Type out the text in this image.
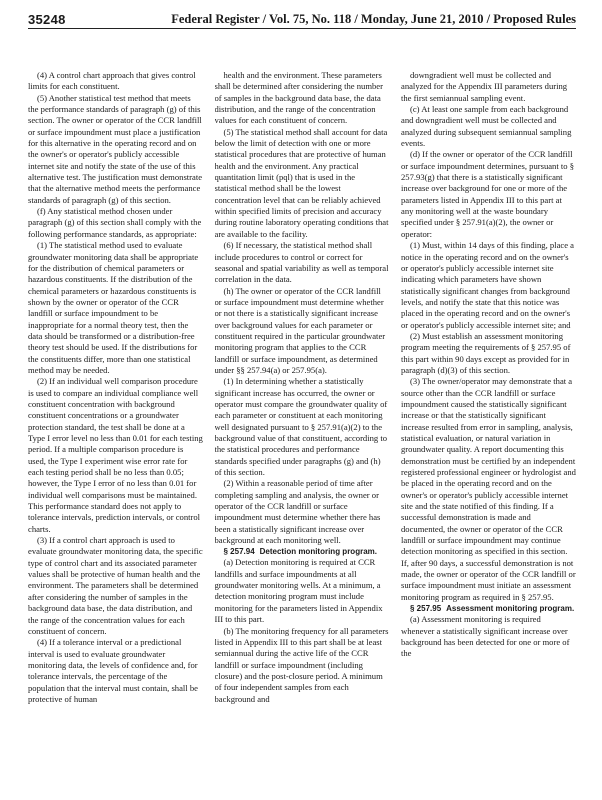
35248	Federal Register / Vol. 75, No. 118 / Monday, June 21, 2010 / Proposed Rules

(4) A control chart approach that gives control limits for each constituent.

(5) Another statistical test method that meets the performance standards of paragraph (g) of this section. The owner or operator of the CCR landfill or surface impoundment must place a justification for this alternative in the operating record and on the owner's or operator's publicly accessible internet site and notify the state of the use of this alternative test. The justification must demonstrate that the alternative method meets the performance standards of paragraph (g) of this section.

(f) Any statistical method chosen under paragraph (g) of this section shall comply with the following performance standards, as appropriate:

(1) The statistical method used to evaluate groundwater monitoring data shall be appropriate for the distribution of chemical parameters or hazardous constituents. If the distribution of the chemical parameters or hazardous constituents is shown by the owner or operator of the CCR landfill or surface impoundment to be inappropriate for a normal theory test, then the data should be transformed or a distribution-free theory test should be used. If the distributions for the constituents differ, more than one statistical method may be needed.

(2) If an individual well comparison procedure is used to compare an individual compliance well constituent concentration with background constituent concentrations or a groundwater protection standard, the test shall be done at a Type I error level no less than 0.01 for each testing period. If a multiple comparison procedure is used, the Type I experiment wise error rate for each testing period shall be no less than 0.05; however, the Type I error of no less than 0.01 for individual well comparisons must be maintained. This performance standard does not apply to tolerance intervals, prediction intervals, or control charts.

(3) If a control chart approach is used to evaluate groundwater monitoring data, the specific type of control chart and its associated parameter values shall be protective of human health and the environment. The parameters shall be determined after considering the number of samples in the background data base, the data distribution, and the range of the concentration values for each constituent of concern.

(4) If a tolerance interval or a predictional interval is used to evaluate groundwater monitoring data, the levels of confidence and, for tolerance intervals, the percentage of the population that the interval must contain, shall be protective of human

health and the environment. These parameters shall be determined after considering the number of samples in the background data base, the data distribution, and the range of the concentration values for each constituent of concern.

(5) The statistical method shall account for data below the limit of detection with one or more statistical procedures that are protective of human health and the environment. Any practical quantitation limit (pql) that is used in the statistical method shall be the lowest concentration level that can be reliably achieved within specified limits of precision and accuracy during routine laboratory operating conditions that are available to the facility.

(6) If necessary, the statistical method shall include procedures to control or correct for seasonal and spatial variability as well as temporal correlation in the data.

(h) The owner or operator of the CCR landfill or surface impoundment must determine whether or not there is a statistically significant increase over background values for each parameter or constituent required in the particular groundwater monitoring program that applies to the CCR landfill or surface impoundment, as determined under §§ 257.94(a) or 257.95(a).

(1) In determining whether a statistically significant increase has occurred, the owner or operator must compare the groundwater quality of each parameter or constituent at each monitoring well designated pursuant to § 257.91(a)(2) to the background value of that constituent, according to the statistical procedures and performance standards specified under paragraphs (g) and (h) of this section.

(2) Within a reasonable period of time after completing sampling and analysis, the owner or operator of the CCR landfill or surface impoundment must determine whether there has been a statistically significant increase over background at each monitoring well.

§ 257.94 Detection monitoring program.

(a) Detection monitoring is required at CCR landfills and surface impoundments at all groundwater monitoring wells. At a minimum, a detection monitoring program must include monitoring for the parameters listed in Appendix III to this part.

(b) The monitoring frequency for all parameters listed in Appendix III to this part shall be at least semiannual during the active life of the CCR landfill or surface impoundment (including closure) and the post-closure period. A minimum of four independent samples from each background and

downgradient well must be collected and analyzed for the Appendix III parameters during the first semiannual sampling event.

(c) At least one sample from each background and downgradient well must be collected and analyzed during subsequent semiannual sampling events.

(d) If the owner or operator of the CCR landfill or surface impoundment determines, pursuant to § 257.93(g) that there is a statistically significant increase over background for one or more of the parameters listed in Appendix III to this part at any monitoring well at the waste boundary specified under § 257.91(a)(2), the owner or operator:

(1) Must, within 14 days of this finding, place a notice in the operating record and on the owner's or operator's publicly accessible internet site indicating which parameters have shown statistically significant changes from background levels, and notify the state that this notice was placed in the operating record and on the owner's or operator's publicly accessible internet site; and

(2) Must establish an assessment monitoring program meeting the requirements of § 257.95 of this part within 90 days except as provided for in paragraph (d)(3) of this section.

(3) The owner/operator may demonstrate that a source other than the CCR landfill or surface impoundment caused the statistically significant increase or that the statistically significant increase resulted from error in sampling, analysis, statistical evaluation, or natural variation in groundwater quality. A report documenting this demonstration must be certified by an independent registered professional engineer or hydrologist and be placed in the operating record and on the owner's or operator's publicly accessible internet site and the state notified of this finding. If a successful demonstration is made and documented, the owner or operator of the CCR landfill or surface impoundment may continue detection monitoring as specified in this section. If, after 90 days, a successful demonstration is not made, the owner or operator of the CCR landfill or surface impoundment must initiate an assessment monitoring program as required in § 257.95.

§ 257.95 Assessment monitoring program.

(a) Assessment monitoring is required whenever a statistically significant increase over background has been detected for one or more of the
